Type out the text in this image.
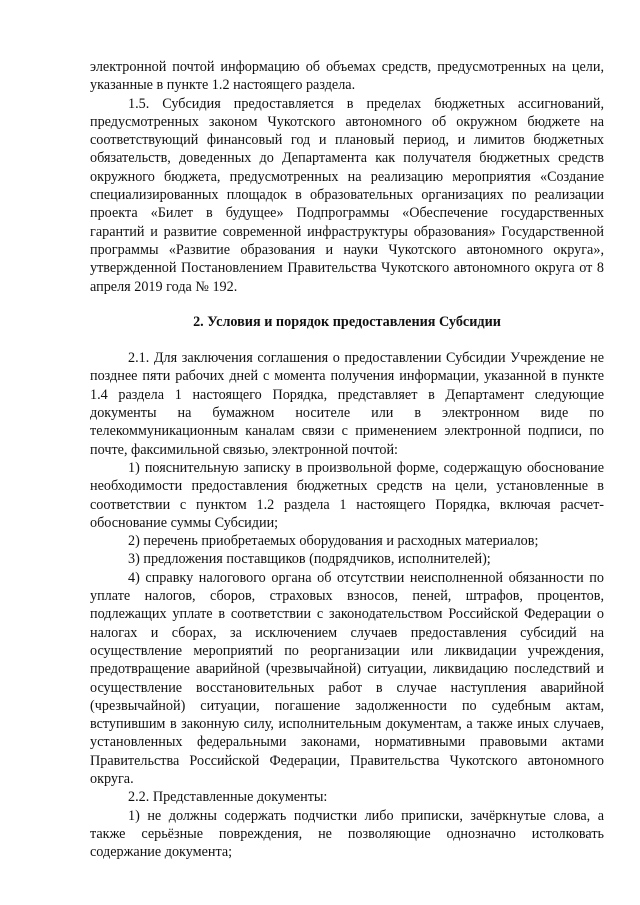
электронной почтой информацию об объемах средств, предусмотренных на цели, указанные в пункте 1.2 настоящего раздела.

1.5. Субсидия предоставляется в пределах бюджетных ассигнований, предусмотренных законом Чукотского автономного об окружном бюджете на соответствующий финансовый год и плановый период, и лимитов бюджетных обязательств, доведенных до Департамента как получателя бюджетных средств окружного бюджета, предусмотренных на реализацию мероприятия «Создание специализированных площадок в образовательных организациях по реализации проекта «Билет в будущее» Подпрограммы «Обеспечение государственных гарантий и развитие современной инфраструктуры образования» Государственной программы «Развитие образования и науки Чукотского автономного округа», утвержденной Постановлением Правительства Чукотского автономного округа от 8 апреля 2019 года № 192.

2. Условия и порядок предоставления Субсидии

2.1. Для заключения соглашения о предоставлении Субсидии Учреждение не позднее пяти рабочих дней с момента получения информации, указанной в пункте 1.4 раздела 1 настоящего Порядка, представляет в Департамент следующие документы на бумажном носителе или в электронном виде по телекоммуникационным каналам связи с применением электронной подписи, по почте, факсимильной связью, электронной почтой:

1) пояснительную записку в произвольной форме, содержащую обоснование необходимости предоставления бюджетных средств на цели, установленные в соответствии с пунктом 1.2 раздела 1 настоящего Порядка, включая расчет-обоснование суммы Субсидии;

2) перечень приобретаемых оборудования и расходных материалов;

3) предложения поставщиков (подрядчиков, исполнителей);

4) справку налогового органа об отсутствии неисполненной обязанности по уплате налогов, сборов, страховых взносов, пеней, штрафов, процентов, подлежащих уплате в соответствии с законодательством Российской Федерации о налогах и сборах, за исключением случаев предоставления субсидий на осуществление мероприятий по реорганизации или ликвидации учреждения, предотвращение аварийной (чрезвычайной) ситуации, ликвидацию последствий и осуществление восстановительных работ в случае наступления аварийной (чрезвычайной) ситуации, погашение задолженности по судебным актам, вступившим в законную силу, исполнительным документам, а также иных случаев, установленных федеральными законами, нормативными правовыми актами Правительства Российской Федерации, Правительства Чукотского автономного округа.

2.2. Представленные документы:

1) не должны содержать подчистки либо приписки, зачёркнутые слова, а также серьёзные повреждения, не позволяющие однозначно истолковать содержание документа;
